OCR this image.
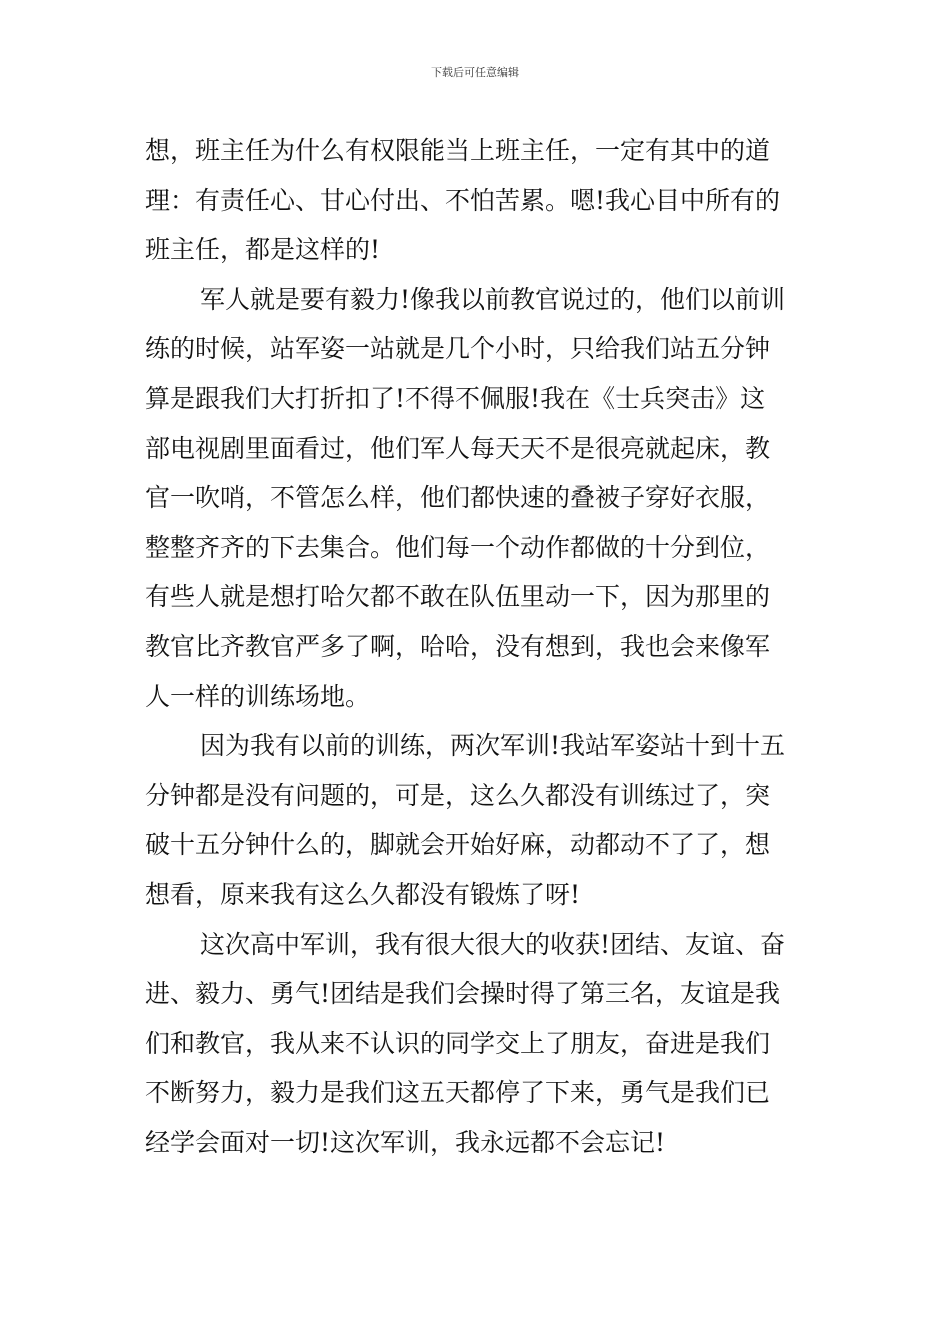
下载后可任意编辑
想，班主任为什么有权限能当上班主任，一定有其中的道
理：有责任心、甘心付出、不怕苦累。嗯!我心目中所有的
班主任，都是这样的!
军人就是要有毅力!像我以前教官说过的，他们以前训
练的时候，站军姿一站就是几个小时，只给我们站五分钟
算是跟我们大打折扣了!不得不佩服!我在《士兵突击》这
部电视剧里面看过，他们军人每天天不是很亮就起床，教
官一吹哨，不管怎么样，他们都快速的叠被子穿好衣服，
整整齐齐的下去集合。他们每一个动作都做的十分到位，
有些人就是想打哈欠都不敢在队伍里动一下，因为那里的
教官比齐教官严多了啊，哈哈，没有想到，我也会来像军
人一样的训练场地。
因为我有以前的训练，两次军训!我站军姿站十到十五
分钟都是没有问题的，可是，这么久都没有训练过了，突
破十五分钟什么的，脚就会开始好麻，动都动不了了，想
想看，原来我有这么久都没有锻炼了呀!
这次高中军训，我有很大很大的收获!团结、友谊、奋
进、毅力、勇气!团结是我们会操时得了第三名，友谊是我
们和教官，我从来不认识的同学交上了朋友，奋进是我们
不断努力，毅力是我们这五天都停了下来，勇气是我们已
经学会面对一切!这次军训，我永远都不会忘记!
